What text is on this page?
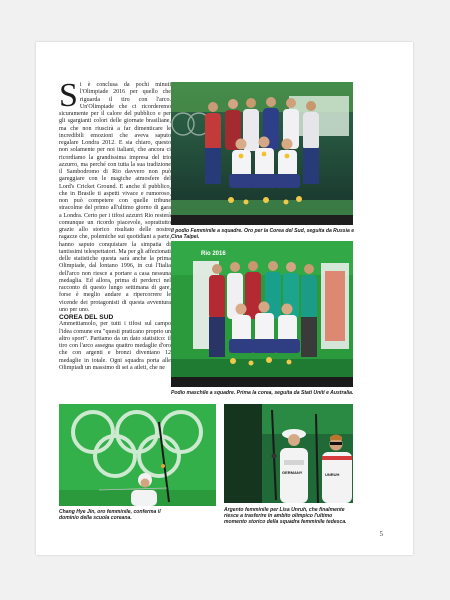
Si è conclusa da pochi minuti l'Olimpiade 2016 per quello che riguarda il tiro con l'arco. Un'Olimpiade che ci ricorderemo sicuramente per il calore del pubblico e per gli sgargianti colori delle giornate brasiliane, ma che non riuscirà a far dimenticare le incredibili emozioni che aveva saputo regalare Londra 2012. E sia chiaro, questo non solamente per noi italiani, che ancora ci ricordiamo la grandissima impresa del trio azzurro, ma perché con tutta la sua tradizione il Sambodromo di Rio davvero non può gareggiare con le magiche atmosfere del Lord's Cricket Ground. E anche il pubblico, che in Brasile ti aspetti vivace e rumoroso, non può competere con quelle tribune stracolme del primo all'ultimo giorno di gara a Londra. Certo per i tifosi azzurri Rio resterà comunque un ricordo piacevole, soprattutto grazie allo storico risultato delle nostre ragazze che, polemiche sui quotidiani a parte, hanno saputo conquistare la simpatia di tantissimi telespettatori. Ma per gli affezionati delle statistiche questa sarà anche la prima Olimpiade, dal lontano 1996, in cui l'Italia dell'arco non riesce a portare a casa nessuna medaglia. Ed allora, prima di perderci nel racconto di questo lungo settimana di gare, forse è meglio andare a ripercorrere le vicende dei protagonisti di questa avventura uno per uno.

COREA DEL SUD

Ammettiamolo, per tutti i tifosi sul campo l'idea comune era "questi praticano proprio un altro sport". Partiamo da un dato statistico: il tiro con l'arco assegna quattro medaglie d'oro che con argenti e bronzi diventano 12 medaglie in totale. Ogni squadra porta alle Olimpiadi un massimo di sei a atleti, che ne

Il podio Femminile a squadre. Oro per la Corea del Sud, seguita da Russia e Cina Taipei.
Rio 2016
Podio maschile a squadre. Prima la corea, seguita da Stati Uniti e Australia.
Chang Hye Jin, oro femminile, conferma il dominio della scuola coreana.
GERMANY	UNRUH
Argento femminile per Lisa Unruh, che finalmente riesce a trasferire in ambito olimpico l'ultimo momento storico della squadra femminile tedesca.
5
